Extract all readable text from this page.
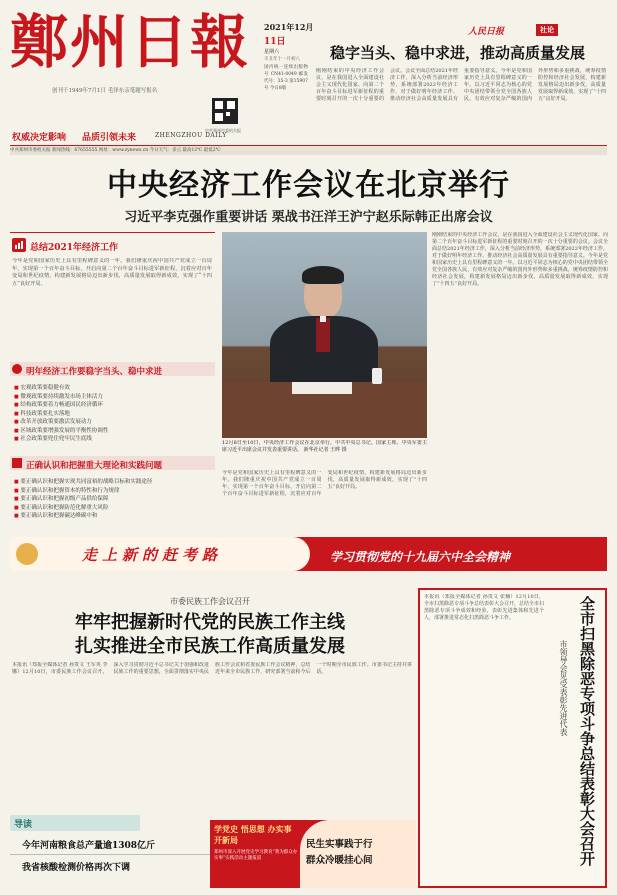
鄭州日報
创刊于1949年7月1日 毛泽东亲笔题写报名
权威决定影响 品质引领未来	ZHENGZHOU DAILY
中共郑州市委机关报
2021年12月
11日
星期六
辛丑年十一月初八
国内统一连续出版物号 CN41-0049 邮发代号：35-3 第15907号 今日8版
人民日报	社论
稳字当头、稳中求进，推动高质量发展
刚刚结束的中央经济工作会议，是在我国进入全面建设社会主义现代化国家、向第二个百年奋斗目标进军新征程的重要时刻召开的一次十分重要的会议。会议全面总结2021年经济工作，深入分析当前经济形势，系统部署2022年经济工作，对于做好明年经济工作、推动经济社会高质量发展具有重要指导意义。今年是党和国家历史上具有里程碑意义的一年。以习近平同志为核心的党中央团结带领全党全国各族人民，有效应对复杂严峻的国内外形势和多重挑战，统筹疫情防控和经济社会发展，构建新发展格局迈出新步伐，高质量发展取得新成效，实现了“十四五”良好开局。
中共郑州市委机关报 新闻热线：67655555 网址：www.zynews.cn 今日天气：多云 最高12℃ 最低2℃
中央经济工作会议在北京举行
习近平李克强作重要讲话 栗战书汪洋王沪宁赵乐际韩正出席会议
总结2021年经济工作
今年是党和国家历史上具有里程碑意义的一年。我们隆重庆祝中国共产党成立一百周年，实现第一个百年奋斗目标，开启向第二个百年奋斗目标进军新征程，沉着应对百年变局和世纪疫情，构建新发展格局迈出新步伐，高质量发展取得新成效，实现了“十四五”良好开局。
明年经济工作要稳字当头、稳中求进
■ 宏观政策要稳健有效
■ 微观政策要持续激发市场主体活力
■ 结构政策要着力畅通国民经济循环
■ 科技政策要扎实落地
■ 改革开放政策要激活发展动力
■ 区域政策要增强发展的平衡性协调性
■ 社会政策要兜住兜牢民生底线
正确认识和把握重大理论和实践问题
■ 要正确认识和把握实现共同富裕的战略目标和实践途径
■ 要正确认识和把握资本的特性和行为规律
■ 要正确认识和把握初级产品供给保障
■ 要正确认识和把握防范化解重大风险
■ 要正确认识和把握碳达峰碳中和
12月8日至10日，中央经济工作会议在北京举行。中共中央总书记、国家主席、中央军委主席习近平出席会议并发表重要讲话。 新华社记者 王晔 摄
刚刚结束的中央经济工作会议，是在我国进入全面建设社会主义现代化国家、向第二个百年奋斗目标进军新征程的重要时刻召开的一次十分重要的会议。会议全面总结2021年经济工作，深入分析当前经济形势，系统部署2022年经济工作，对于做好明年经济工作、推动经济社会高质量发展具有重要指导意义。今年是党和国家历史上具有里程碑意义的一年。以习近平同志为核心的党中央团结带领全党全国各族人民，有效应对复杂严峻的国内外形势和多重挑战，统筹疫情防控和经济社会发展，构建新发展格局迈出新步伐，高质量发展取得新成效，实现了“十四五”良好开局。
今年是党和国家历史上具有里程碑意义的一年。我们隆重庆祝中国共产党成立一百周年，实现第一个百年奋斗目标，开启向第二个百年奋斗目标进军新征程，沉着应对百年变局和世纪疫情，构建新发展格局迈出新步伐，高质量发展取得新成效，实现了“十四五”良好开局。
走上新的赶考路	学习贯彻党的十九届六中全会精神
市委民族工作会议召开
牢牢把握新时代党的民族工作主线
扎实推进全市民族工作高质量发展
本报讯（郑报全媒体记者 孙贵文 王军英 李娜）12月10日，市委民族工作会议召开，深入学习贯彻习近平总书记关于加强和改进民族工作的重要思想，全面贯彻落实中央民族工作会议和省委民族工作会议精神，总结近年来全市民族工作，研究部署当前和今后一个时期全市民族工作。市委书记主持并讲话。
本报讯（郑报全媒体记者 孙贵文 张楠）12月10日，全市扫黑除恶专项斗争总结表彰大会召开，总结全市扫黑除恶专项斗争成效和经验，表彰先进集体和先进个人，部署推进常态化扫黑除恶斗争工作。	全市扫黑除恶专项斗争总结表彰大会召开
市领导会见受表彰先进代表
导读
今年河南粮食总产量逾1308亿斤
我省核酸检测价格再次下调
学党史 悟思想 办实事 开新局
郑州市深入开展党史学习教育“我为群众办实事”实践活动主题报道
民生实事践于行
群众冷暖挂心间
